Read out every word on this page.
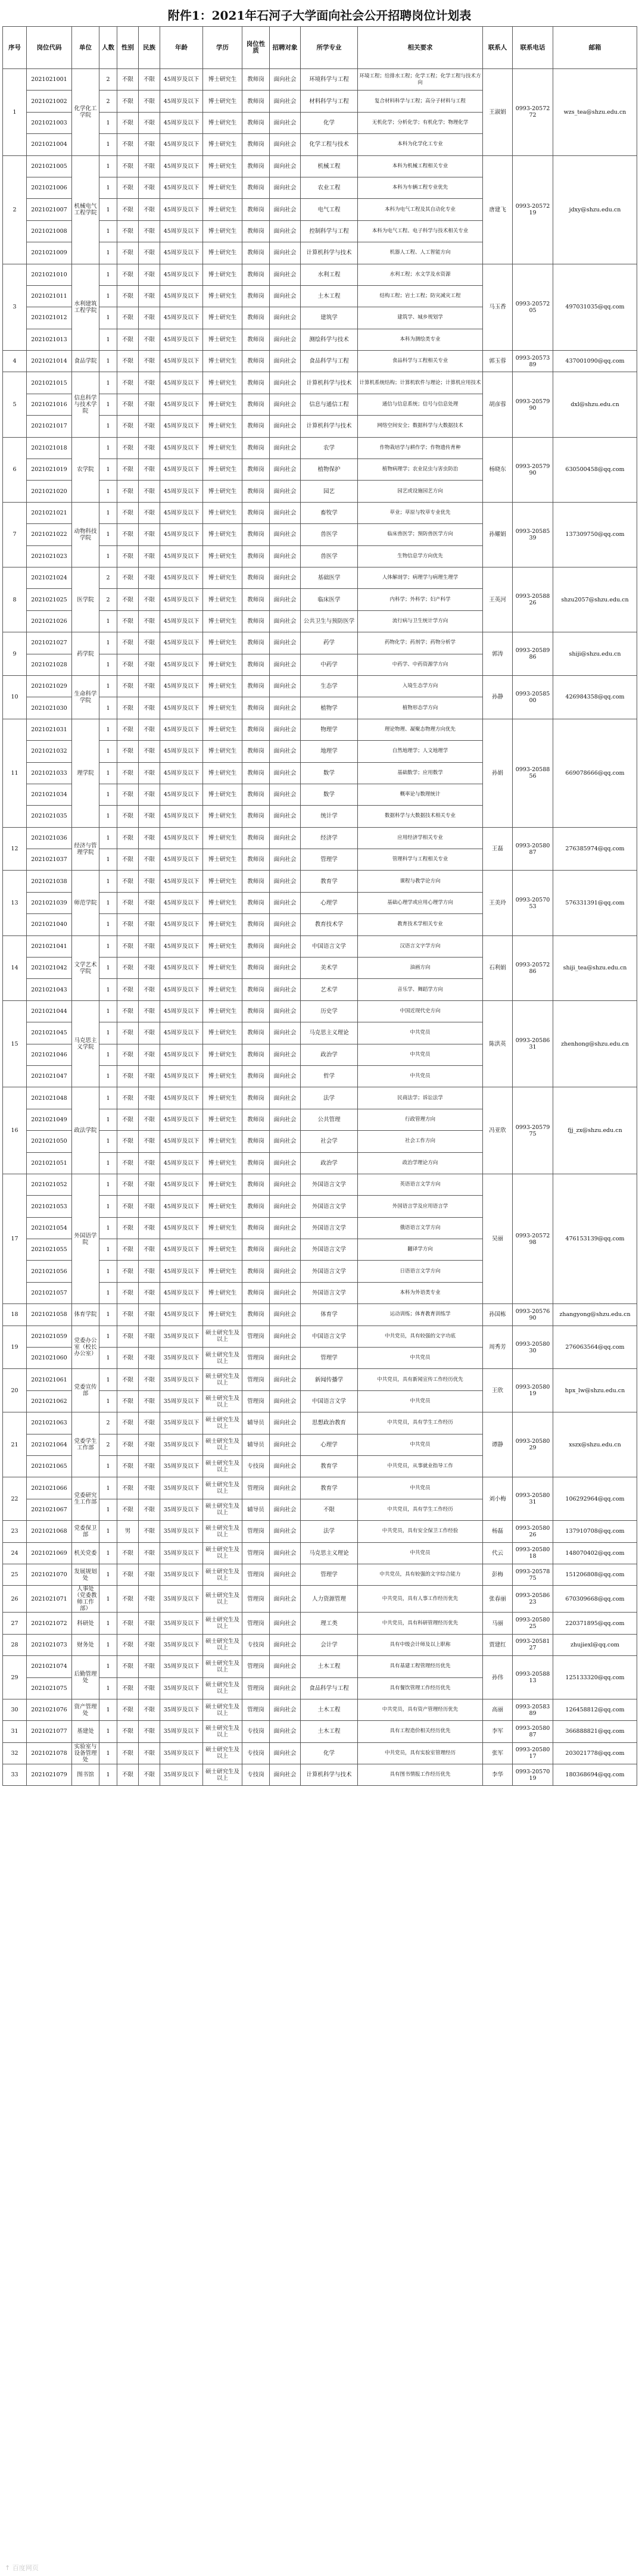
附件1：2021年石河子大学面向社会公开招聘岗位计划表
序号	岗位代码	单位	人数	性别	民族	年龄	学历	岗位性质	招聘对象	所学专业	相关要求	联系人	联系电话	邮箱
1	2021021001	化学化工学院	2	不限	不限	45周岁及以下	博士研究生	教师岗	面向社会	环境科学与工程	环境工程；给排水工程；化学工程；化学工程与技术方向	王淑娟	0993-2057272	wzs_tea@shzu.edu.cn
	2021021002		2	不限	不限	45周岁及以下	博士研究生	教师岗	面向社会	材料科学与工程	复合材料科学与工程；高分子材料与工程			
	2021021003		1	不限	不限	45周岁及以下	博士研究生	教师岗	面向社会	化学	无机化学；分析化学；有机化学；物理化学			
	2021021004		1	不限	不限	45周岁及以下	博士研究生	教师岗	面向社会	化学工程与技术	本科为化学化工专业			
2	2021021005	机械电气工程学院	1	不限	不限	45周岁及以下	博士研究生	教师岗	面向社会	机械工程	本科为机械工程相关专业	唐建飞	0993-2057219	jdxy@shzu.edu.cn
	2021021006		1	不限	不限	45周岁及以下	博士研究生	教师岗	面向社会	农业工程	本科为车辆工程专业优先			
	2021021007		1	不限	不限	45周岁及以下	博士研究生	教师岗	面向社会	电气工程	本科为电气工程及其自动化专业			
	2021021008		1	不限	不限	45周岁及以下	博士研究生	教师岗	面向社会	控制科学与工程	本科为电气工程、电子科学与技术相关专业			
	2021021009		1	不限	不限	45周岁及以下	博士研究生	教师岗	面向社会	计算机科学与技术	机器人工程、人工智能方向			
3	2021021010	水利建筑工程学院	1	不限	不限	45周岁及以下	博士研究生	教师岗	面向社会	水利工程	水利工程；水文学及水资源	马玉香	0993-2057205	497031035@qq.com
	2021021011		1	不限	不限	45周岁及以下	博士研究生	教师岗	面向社会	土木工程	结构工程；岩土工程；防灾减灾工程			
	2021021012		1	不限	不限	45周岁及以下	博士研究生	教师岗	面向社会	建筑学	建筑学、城乡规划学			
	2021021013		1	不限	不限	45周岁及以下	博士研究生	教师岗	面向社会	测绘科学与技术	本科为测绘类专业			
4	2021021014	食品学院	1	不限	不限	45周岁及以下	博士研究生	教师岗	面向社会	食品科学与工程	食品科学与工程相关专业	郭玉蓉	0993-2057389	437001090@qq.com
5	2021021015	信息科学与技术学院	1	不限	不限	45周岁及以下	博士研究生	教师岗	面向社会	计算机科学与技术	计算机系统结构；计算机软件与理论；计算机应用技术	胡彦蓉	0993-2057990	dxl@shzu.edu.cn
	2021021016		1	不限	不限	45周岁及以下	博士研究生	教师岗	面向社会	信息与通信工程	通信与信息系统；信号与信息处理			
	2021021017		1	不限	不限	45周岁及以下	博士研究生	教师岗	面向社会	计算机科学与技术	网络空间安全；数据科学与大数据技术			
6	2021021018	农学院	1	不限	不限	45周岁及以下	博士研究生	教师岗	面向社会	农学	作物栽培学与耕作学；作物遗传育种	杨晓东	0993-2057990	630500458@qq.com
	2021021019		1	不限	不限	45周岁及以下	博士研究生	教师岗	面向社会	植物保护	植物病理学；农业昆虫与害虫防治			
	2021021020		1	不限	不限	45周岁及以下	博士研究生	教师岗	面向社会	园艺	园艺或设施园艺方向			
7	2021021021	动物科技学院	1	不限	不限	45周岁及以下	博士研究生	教师岗	面向社会	畜牧学	草业；草原与牧草专业优先	孙耀娟	0993-2058539	137309750@qq.com
	2021021022		1	不限	不限	45周岁及以下	博士研究生	教师岗	面向社会	兽医学	临床兽医学；预防兽医学方向			
	2021021023		1	不限	不限	45周岁及以下	博士研究生	教师岗	面向社会	兽医学	生物信息学方向优先			
8	2021021024	医学院	2	不限	不限	45周岁及以下	博士研究生	教师岗	面向社会	基础医学	人体解剖学；病理学与病理生理学	王英河	0993-2058826	shzu2057@shzu.edu.cn
	2021021025		2	不限	不限	45周岁及以下	博士研究生	教师岗	面向社会	临床医学	内科学；外科学；妇产科学			
	2021021026		1	不限	不限	45周岁及以下	博士研究生	教师岗	面向社会	公共卫生与预防医学	流行病与卫生统计学方向			
9	2021021027	药学院	1	不限	不限	45周岁及以下	博士研究生	教师岗	面向社会	药学	药物化学；药剂学；药物分析学	郭涛	0993-2058986	shiji@shzu.edu.cn
	2021021028		1	不限	不限	45周岁及以下	博士研究生	教师岗	面向社会	中药学	中药学、中药资源学方向			
10	2021021029	生命科学学院	1	不限	不限	45周岁及以下	博士研究生	教师岗	面向社会	生态学	入境生态学方向	孙静	0993-2058500	426984358@qq.com
	2021021030		1	不限	不限	45周岁及以下	博士研究生	教师岗	面向社会	植物学	植物形态学方向			
11	2021021031	理学院	1	不限	不限	45周岁及以下	博士研究生	教师岗	面向社会	物理学	理论物理、凝聚态物理方向优先	孙娟	0993-2058856	669078666@qq.com
	2021021032		1	不限	不限	45周岁及以下	博士研究生	教师岗	面向社会	地理学	自然地理学；人文地理学			
	2021021033		1	不限	不限	45周岁及以下	博士研究生	教师岗	面向社会	数学	基础数学；应用数学			
	2021021034		1	不限	不限	45周岁及以下	博士研究生	教师岗	面向社会	数学	概率论与数理统计			
	2021021035		1	不限	不限	45周岁及以下	博士研究生	教师岗	面向社会	统计学	数据科学与大数据技术相关专业			
12	2021021036	经济与管理学院	1	不限	不限	45周岁及以下	博士研究生	教师岗	面向社会	经济学	应用经济学相关专业	王磊	0993-2058087	276385974@qq.com
	2021021037		1	不限	不限	45周岁及以下	博士研究生	教师岗	面向社会	管理学	管理科学与工程相关专业			
13	2021021038	师范学院	1	不限	不限	45周岁及以下	博士研究生	教师岗	面向社会	教育学	课程与教学论方向	王美玲	0993-2057053	576331391@qq.com
	2021021039		1	不限	不限	45周岁及以下	博士研究生	教师岗	面向社会	心理学	基础心理学或应用心理学方向			
	2021021040		1	不限	不限	45周岁及以下	博士研究生	教师岗	面向社会	教育技术学	教育技术学相关专业			
14	2021021041	文学艺术学院	1	不限	不限	45周岁及以下	博士研究生	教师岗	面向社会	中国语言文学	汉语言文字学方向	石利娟	0993-2057286	shiji_tea@shzu.edu.cn
	2021021042		1	不限	不限	45周岁及以下	博士研究生	教师岗	面向社会	美术学	油画方向			
	2021021043		1	不限	不限	45周岁及以下	博士研究生	教师岗	面向社会	艺术学	音乐学、舞蹈学方向			
15	2021021044	马克思主义学院	1	不限	不限	45周岁及以下	博士研究生	教师岗	面向社会	历史学	中国近现代史方向	陈洪英	0993-2058631	zhenhong@shzu.edu.cn
	2021021045		1	不限	不限	45周岁及以下	博士研究生	教师岗	面向社会	马克思主义理论	中共党员			
	2021021046		1	不限	不限	45周岁及以下	博士研究生	教师岗	面向社会	政治学	中共党员			
	2021021047		1	不限	不限	45周岁及以下	博士研究生	教师岗	面向社会	哲学	中共党员			
16	2021021048	政法学院	1	不限	不限	45周岁及以下	博士研究生	教师岗	面向社会	法学	民商法学；诉讼法学	冯亚欣	0993-2057975	fjj_zx@shzu.edu.cn
	2021021049		1	不限	不限	45周岁及以下	博士研究生	教师岗	面向社会	公共管理	行政管理方向			
	2021021050		1	不限	不限	45周岁及以下	博士研究生	教师岗	面向社会	社会学	社会工作方向			
	2021021051		1	不限	不限	45周岁及以下	博士研究生	教师岗	面向社会	政治学	政治学理论方向			
17	2021021052	外国语学院	1	不限	不限	45周岁及以下	博士研究生	教师岗	面向社会	外国语言文学	英语语言文学方向	吴丽	0993-2057298	476153139@qq.com
	2021021053		1	不限	不限	45周岁及以下	博士研究生	教师岗	面向社会	外国语言文学	外国语言学及应用语言学			
	2021021054		1	不限	不限	45周岁及以下	博士研究生	教师岗	面向社会	外国语言文学	俄语语言文学方向			
	2021021055		1	不限	不限	45周岁及以下	博士研究生	教师岗	面向社会	外国语言文学	翻译学方向			
	2021021056		1	不限	不限	45周岁及以下	博士研究生	教师岗	面向社会	外国语言文学	日语语言文学方向			
	2021021057		1	不限	不限	45周岁及以下	博士研究生	教师岗	面向社会	外国语言文学	本科为外语类专业			
18	2021021058	体育学院	1	不限	不限	45周岁及以下	博士研究生	教师岗	面向社会	体育学	运动训练；体育教育训练学	孙国栋	0993-2057690	zhangyong@shzu.edu.cn
19	2021021059	党委办公室（校长办公室）	1	不限	不限	35周岁及以下	硕士研究生及以上	管理岗	面向社会	中国语言文学	中共党员，具有较强的文字功底	周秀芳	0993-2058030	276063564@qq.com
	2021021060		1	不限	不限	35周岁及以下	硕士研究生及以上	管理岗	面向社会	管理学	中共党员			
20	2021021061	党委宣传部	1	不限	不限	35周岁及以下	硕士研究生及以上	管理岗	面向社会	新闻传播学	中共党员，具有新闻宣传工作经历优先	王欣	0993-2058019	hpx_lw@shzu.edu.cn
	2021021062		1	不限	不限	35周岁及以下	硕士研究生及以上	管理岗	面向社会	中国语言文学	中共党员			
21	2021021063	党委学生工作部	2	不限	不限	35周岁及以下	硕士研究生及以上	辅导员	面向社会	思想政治教育	中共党员，具有学生工作经历	谭静	0993-2058029	xszx@shzu.edu.cn
	2021021064		2	不限	不限	35周岁及以下	硕士研究生及以上	辅导员	面向社会	心理学	中共党员			
	2021021065		1	不限	不限	35周岁及以下	硕士研究生及以上	专技岗	面向社会	教育学	中共党员，从事就业指导工作			
22	2021021066	党委研究生工作部	1	不限	不限	35周岁及以下	硕士研究生及以上	管理岗	面向社会	教育学	中共党员	刘小梅	0993-2058031	106292964@qq.com
	2021021067		1	不限	不限	35周岁及以下	硕士研究生及以上	辅导员	面向社会	不限	中共党员，具有学生工作经历			
23	2021021068	党委保卫部	1	男	不限	35周岁及以下	硕士研究生及以上	管理岗	面向社会	法学	中共党员，具有安全保卫工作经验	杨磊	0993-2058026	137910708@qq.com
24	2021021069	机关党委	1	不限	不限	35周岁及以下	硕士研究生及以上	管理岗	面向社会	马克思主义理论	中共党员	代云	0993-2058018	148070402@qq.com
25	2021021070	发展规划处	1	不限	不限	35周岁及以下	硕士研究生及以上	管理岗	面向社会	管理学	中共党员，具有较强的文字综合能力	彭梅	0993-2057875	151206808@qq.com
26	2021021071	人事处（党委教师工作部）	1	不限	不限	35周岁及以下	硕士研究生及以上	管理岗	面向社会	人力资源管理	中共党员，具有人事工作经历优先	张春丽	0993-2058623	670309668@qq.com
27	2021021072	科研处	1	不限	不限	35周岁及以下	硕士研究生及以上	管理岗	面向社会	理工类	中共党员，具有科研管理经历优先	马丽	0993-2058025	220371895@qq.com
28	2021021073	财务处	1	不限	不限	35周岁及以下	硕士研究生及以上	专技岗	面向社会	会计学	具有中级会计师及以上职称	贾建红	0993-2058127	zhujiexl@qq.com
29	2021021074	后勤管理处	1	不限	不限	35周岁及以下	硕士研究生及以上	管理岗	面向社会	土木工程	具有基建工程管理经历优先	孙伟	0993-2058813	125133320@qq.com
	2021021075		1	不限	不限	35周岁及以下	硕士研究生及以上	管理岗	面向社会	食品科学与工程	具有餐饮管理工作经历优先			
30	2021021076	资产管理处	1	不限	不限	35周岁及以下	硕士研究生及以上	管理岗	面向社会	土木工程	中共党员，具有资产管理经历优先	高丽	0993-2058389	126458812@qq.com
31	2021021077	基建处	1	不限	不限	35周岁及以下	硕士研究生及以上	专技岗	面向社会	土木工程	具有工程造价相关经历优先	李军	0993-2058087	366888821@qq.com
32	2021021078	实验室与设备管理处	1	不限	不限	35周岁及以下	硕士研究生及以上	专技岗	面向社会	化学	中共党员，具有实验室管理经历	张军	0993-2058017	203021778@qq.com
33	2021021079	图书馆	1	不限	不限	35周岁及以下	硕士研究生及以上	专技岗	面向社会	计算机科学与技术	具有图书情报工作经历优先	李华	0993-2057019	180368694@qq.com
↑ 百度网页
